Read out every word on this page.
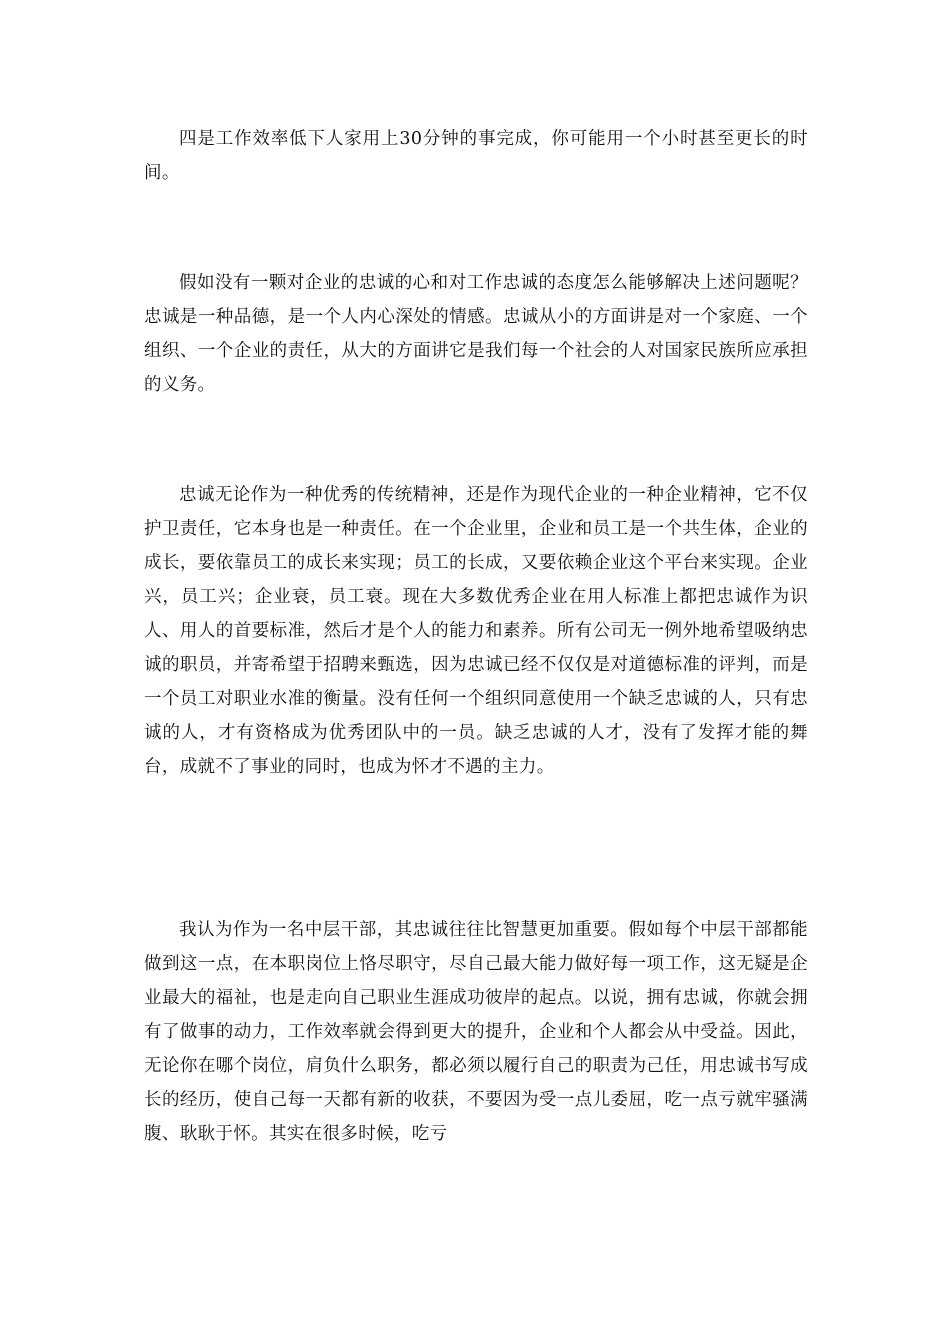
四是工作效率低下人家用上30分钟的事完成，你可能用一个小时甚至更长的时间。

假如没有一颗对企业的忠诚的心和对工作忠诚的态度怎么能够解决上述问题呢？忠诚是一种品德，是一个人内心深处的情感。忠诚从小的方面讲是对一个家庭、一个组织、一个企业的责任，从大的方面讲它是我们每一个社会的人对国家民族所应承担的义务。

忠诚无论作为一种优秀的传统精神，还是作为现代企业的一种企业精神，它不仅护卫责任，它本身也是一种责任。在一个企业里，企业和员工是一个共生体，企业的成长，要依靠员工的成长来实现；员工的长成，又要依赖企业这个平台来实现。企业兴，员工兴；企业衰，员工衰。现在大多数优秀企业在用人标准上都把忠诚作为识人、用人的首要标准，然后才是个人的能力和素养。所有公司无一例外地希望吸纳忠诚的职员，并寄希望于招聘来甄选，因为忠诚已经不仅仅是对道德标准的评判，而是一个员工对职业水准的衡量。没有任何一个组织同意使用一个缺乏忠诚的人，只有忠诚的人，才有资格成为优秀团队中的一员。缺乏忠诚的人才，没有了发挥才能的舞台，成就不了事业的同时，也成为怀才不遇的主力。

我认为作为一名中层干部，其忠诚往往比智慧更加重要。假如每个中层干部都能做到这一点，在本职岗位上恪尽职守，尽自己最大能力做好每一项工作，这无疑是企业最大的福祉，也是走向自己职业生涯成功彼岸的起点。以说，拥有忠诚，你就会拥有了做事的动力，工作效率就会得到更大的提升，企业和个人都会从中受益。因此，无论你在哪个岗位，肩负什么职务，都必须以履行自己的职责为己任，用忠诚书写成长的经历，使自己每一天都有新的收获，不要因为受一点儿委屈，吃一点亏就牢骚满腹、耿耿于怀。其实在很多时候，吃亏
